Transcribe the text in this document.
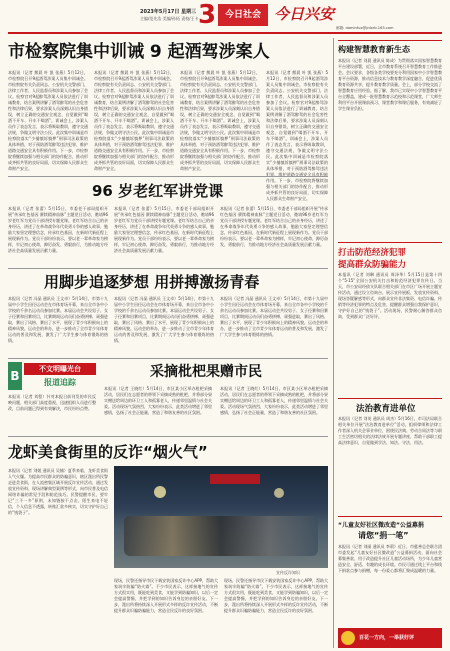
2023年5月17日 星期三
主编/范先浩 美编/孙拓 责校/王卡 3 今日社会 今日兴安
邮箱: daminfux@jrdxrb.163.com
市检察院集中训诫 9 起酒驾涉案人
本报讯（记者 熊晨 叶 凯 张燕）5月12日，市检察院召开9起酒驾涉案人员集中训诫会。市检察院有关负责同志、公安机关交警部门、法律工作者、人民监督员和涉案人员参加了会议。检察官对9起醉驾涉案人员依法进行了训诫教育，结合案例讲解了酒驾醉驾的社会危害性和法律后果，要求涉案人员深刻认识自身错误，树立正确的交通安全观念，自觉做到“喝酒不开车、开车不喝酒”。训诫会上，涉案人员作了表态发言，表示将吸取教训，遵守交通法规，争做文明守法公民。此次集中训诫是市检察院落实“少捕慎诉慎押”刑事司法政策的具体举措，对于预防酒驾醉驾违法犯罪、维护道路交通安全具有积极作用。下一步，市检察院将继续加强与相关部门的协作配合，推动形成齐抓共管的良好局面，切实保障人民群众生命财产安全。
本报讯（记者 熊晨 叶 凯 张燕）5月12日，市检察院召开9起酒驾涉案人员集中训诫会。市检察院有关负责同志、公安机关交警部门、法律工作者、人民监督员和涉案人员参加了会议。检察官对9起醉驾涉案人员依法进行了训诫教育，结合案例讲解了酒驾醉驾的社会危害性和法律后果，要求涉案人员深刻认识自身错误，树立正确的交通安全观念，自觉做到“喝酒不开车、开车不喝酒”。训诫会上，涉案人员作了表态发言，表示将吸取教训，遵守交通法规，争做文明守法公民。此次集中训诫是市检察院落实“少捕慎诉慎押”刑事司法政策的具体举措，对于预防酒驾醉驾违法犯罪、维护道路交通安全具有积极作用。下一步，市检察院将继续加强与相关部门的协作配合，推动形成齐抓共管的良好局面，切实保障人民群众生命财产安全。
本报讯（记者 熊晨 叶 凯 张燕）5月12日，市检察院召开9起酒驾涉案人员集中训诫会。市检察院有关负责同志、公安机关交警部门、法律工作者、人民监督员和涉案人员参加了会议。检察官对9起醉驾涉案人员依法进行了训诫教育，结合案例讲解了酒驾醉驾的社会危害性和法律后果，要求涉案人员深刻认识自身错误，树立正确的交通安全观念，自觉做到“喝酒不开车、开车不喝酒”。训诫会上，涉案人员作了表态发言，表示将吸取教训，遵守交通法规，争做文明守法公民。此次集中训诫是市检察院落实“少捕慎诉慎押”刑事司法政策的具体举措，对于预防酒驾醉驾违法犯罪、维护道路交通安全具有积极作用。下一步，市检察院将继续加强与相关部门的协作配合，推动形成齐抓共管的良好局面，切实保障人民群众生命财产安全。
本报讯（记者 熊晨 叶 凯 张燕）5月12日，市检察院召开9起酒驾涉案人员集中训诫会。市检察院有关负责同志、公安机关交警部门、法律工作者、人民监督员和涉案人员参加了会议。检察官对9起醉驾涉案人员依法进行了训诫教育，结合案例讲解了酒驾醉驾的社会危害性和法律后果，要求涉案人员深刻认识自身错误，树立正确的交通安全观念，自觉做到“喝酒不开车、开车不喝酒”。训诫会上，涉案人员作了表态发言，表示将吸取教训，遵守交通法规，争做文明守法公民。此次集中训诫是市检察院落实“少捕慎诉慎押”刑事司法政策的具体举措，对于预防酒驾醉驾违法犯罪、维护道路交通安全具有积极作用。下一步，市检察院将继续加强与相关部门的协作配合，推动形成齐抓共管的良好局面，切实保障人民群众生命财产安全。
96 岁老红军讲党课
本报讯（记者 张蕾）5月15日，市委老干部局组织开展“传承红色基因 赓续精神血脉”主题党日活动，邀请96岁老红军为党员干部讲授专题党课。老红军结合自己的亲身经历，讲述了在革命战争年代英勇斗争的感人故事，勉励大家坚定理想信念，传承红色基因，在新时代新征程上展现新作为。党员干部纷纷表示，要以老一辈革命家为榜样，牢记初心使命，踔厉奋发、勇毅前行，为推动地方经济社会高质量发展贡献力量。
本报讯（记者 张蕾）5月15日，市委老干部局组织开展“传承红色基因 赓续精神血脉”主题党日活动，邀请96岁老红军为党员干部讲授专题党课。老红军结合自己的亲身经历，讲述了在革命战争年代英勇斗争的感人故事，勉励大家坚定理想信念，传承红色基因，在新时代新征程上展现新作为。党员干部纷纷表示，要以老一辈革命家为榜样，牢记初心使命，踔厉奋发、勇毅前行，为推动地方经济社会高质量发展贡献力量。
本报讯（记者 张蕾）5月15日，市委老干部局组织开展“传承红色基因 赓续精神血脉”主题党日活动，邀请96岁老红军为党员干部讲授专题党课。老红军结合自己的亲身经历，讲述了在革命战争年代英勇斗争的感人故事，勉励大家坚定理想信念，传承红色基因，在新时代新征程上展现新作为。党员干部纷纷表示，要以老一辈革命家为榜样，牢记初心使命，踔厉奋发、勇毅前行，为推动地方经济社会高质量发展贡献力量。
用脚步追逐梦想 用拼搏激扬青春
本报讯（记者 冯晶 通讯员 王文卓）5月14日，市第十九届中小学生田径运动会在市体育场开幕，来自全市各中小学校的千余名运动员参加比赛。本届运动会共设男子、女子径赛和田赛项目，比赛期间运动员们奋勇拼搏、顽强进取，赛出了风格、赛出了水平，展现了青少年积极向上的精神风貌。运动会的举办，进一步推动了全市青少年体育运动的普及和发展，激发了广大学生参与体育锻炼的热情。
本报讯（记者 冯晶 通讯员 王文卓）5月14日，市第十九届中小学生田径运动会在市体育场开幕，来自全市各中小学校的千余名运动员参加比赛。本届运动会共设男子、女子径赛和田赛项目，比赛期间运动员们奋勇拼搏、顽强进取，赛出了风格、赛出了水平，展现了青少年积极向上的精神风貌。运动会的举办，进一步推动了全市青少年体育运动的普及和发展，激发了广大学生参与体育锻炼的热情。
本报讯（记者 冯晶 通讯员 王文卓）5月14日，市第十九届中小学生田径运动会在市体育场开幕，来自全市各中小学校的千余名运动员参加比赛。本届运动会共设男子、女子径赛和田赛项目，比赛期间运动员们奋勇拼搏、顽强进取，赛出了风格、赛出了水平，展现了青少年积极向上的精神风貌。运动会的举办，进一步推动了全市青少年体育运动的普及和发展，激发了广大学生参与体育锻炼的热情。
B	不文明曝光台
报道追踪
本报讯（记者 刘程）针对本报日前刊发的市民反映问题，相关部门高度重视，迅速组织人员进行整改，目前问题已得到有效解决，市民纷纷点赞。
采摘枇杷果赠市民
本报讯（记者 王晓红）5月14日，市区某小区举办枇杷采摘活动，居民们在志愿者的带领下采摘成熟的枇杷，并将部分果实赠送给周边的环卫工人和孤寡老人，传递邻里温情与社会关爱。活动现场气氛热烈，大家纷纷表示，此类活动增进了邻里感情，弘扬了社会正能量，营造了和谐友善的社区氛围。
本报讯（记者 王晓红）5月14日，市区某小区举办枇杷采摘活动，居民们在志愿者的带领下采摘成熟的枇杷，并将部分果实赠送给周边的环卫工人和孤寡老人，传递邻里温情与社会关爱。活动现场气氛热烈，大家纷纷表示，此类活动增进了邻里感情，弘扬了社会正能量，营造了和谐友善的社区氛围。
龙虾美食街里的反诈“烟火气”
本报讯（记者 刘媛 通讯员 吴楠）夏季来临，龙虾美食街人气火爆。为提高市民群众的防骗意识，辖区派出所民警走进美食街，在人流密集区域开展反诈宣传活动，通过发放宣传资料、现场讲解典型案例等形式，向市民普及电信网络诈骗的常见手段和防范技巧。民警提醒市民，要牢记“三不一多”原则，未知链接不点击，陌生来电不轻信，个人信息不透露，转账汇款多核实，切实守护好自己的“钱袋子”。
宣传反诈知识
现场，民警还指导市民下载安装国家反诈中心APP，帮助大家筑牢防骗“防火墙”。不少市民表示，这样接地气的宣传方式很实用，既能吃到美食，又能学到防骗知识，以后一定会提高警惕，并把学到的知识告诉身边的亲朋好友。下一步，派出所将持续深入开展形式多样的反诈宣传活动，不断提升群众识骗防骗能力，营造全民反诈的良好氛围。
现场，民警还指导市民下载安装国家反诈中心APP，帮助大家筑牢防骗“防火墙”。不少市民表示，这样接地气的宣传方式很实用，既能吃到美食，又能学到防骗知识，以后一定会提高警惕，并把学到的知识告诉身边的亲朋好友。下一步，派出所将持续深入开展形式多样的反诈宣传活动，不断提升群众识骗防骗能力，营造全民反诈的良好氛围。
构建智慧教育新生态
本报讯（记者 刘晨 通讯员 陈成）为贯彻落实国家智慧教育平台建设部署，近日，全市教育系统召开智慧教育工作推进会。会议要求，各级各类学校要充分利用国家中小学智慧教育平台资源，推动信息技术与教育教学深度融合，促进优质教育资源共享，提升教育教学质量。会上，部分学校交流了智慧教育应用经验。据了解，我市已实现中小学智慧教育平台全覆盖，建成一批智慧教育示范校和示范课堂，广大师生利用平台开展课前预习、课堂教学和课后服务，有效减轻了学生课业负担。
打击防范经济犯罪
提高群众防骗能力
本报讯（记者 刘琳 通讯员 周泽华）5月15日是第十四个“5·15”全国公安机关打击和防范经济犯罪宣传日。当天，市公安局经侦支队联合相关部门在市区广场开展主题宣传活动，通过设立咨询台、展示宣传展板、发放宣传资料、现场答疑解惑等形式，向群众宣传非法集资、电信诈骗、传销等经济犯罪的特点及危害，提醒群众增强自我保护意识，守护好自己的“钱袋子”。活动现场，民警耐心解答群众咨询，受到群众广泛好评。
法治教育进单位
本报讯（记者 刘英 通讯员 周杰）5月16日，市司法局联合相关单位开展“法治教育进单位”活动，组织律师和法律工作者深入机关企事业单位，围绕民法典、劳动合同法等与职工生活密切相关的法律法规开展专题讲座，帮助干部职工提高法律意识，自觉做到学法、知法、守法、用法。
“儿童友好社区微改造”公益募捐
请您“捐一笔”
本报讯（记者 刘丽 通讯员 李莉）近日，市慈善总会联合团市委发起“儿童友好社区微改造”公益募捐活动，面向社会募集善款，用于改造提升社区儿童活动场所，为少年儿童营造安全、舒适、有趣的成长环境。市民可通过线上平台和线下捐款点参与捐赠，每一份爱心都将汇聚成温暖的力量。
百花一方向，一举获好评
